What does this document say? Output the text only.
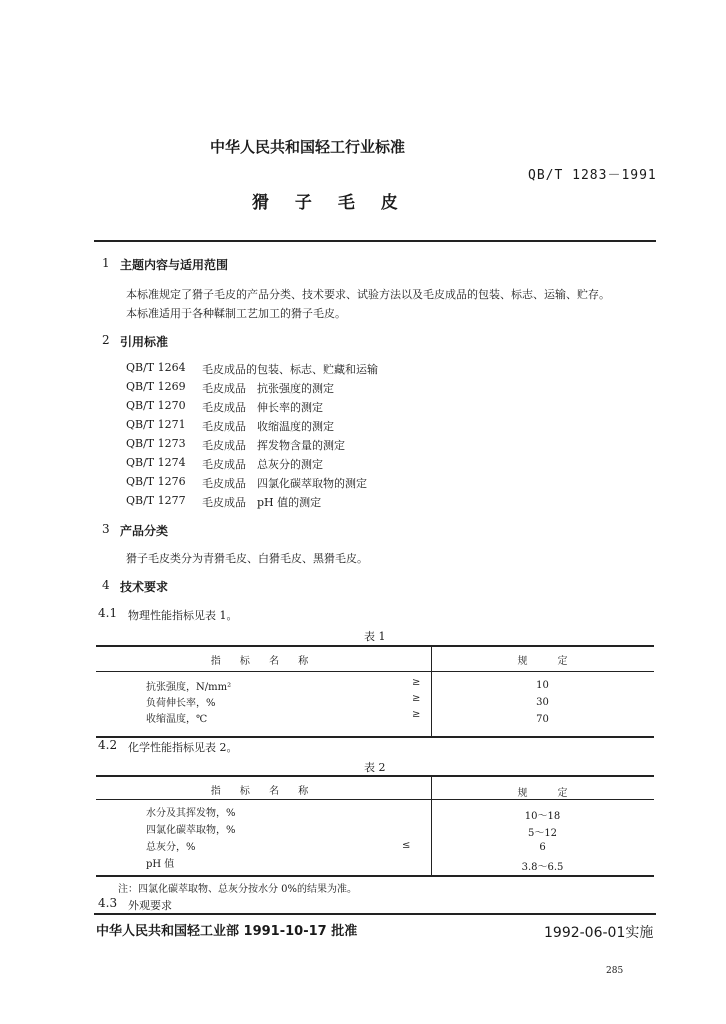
中华人民共和国轻工行业标准
QB/T 1283－1991
猾 子 毛 皮
1 主题内容与适用范围
本标准规定了猾子毛皮的产品分类、技术要求、试验方法以及毛皮成品的包装、标志、运输、贮存。
本标准适用于各种鞣制工艺加工的猾子毛皮。
2 引用标准
QB/T 1264 毛皮成品的包装、标志、贮藏和运输
QB/T 1269 毛皮成品　抗张强度的测定
QB/T 1270 毛皮成品　伸长率的测定
QB/T 1271 毛皮成品　收缩温度的测定
QB/T 1273 毛皮成品　挥发物含量的测定
QB/T 1274 毛皮成品　总灰分的测定
QB/T 1276 毛皮成品　四氯化碳萃取物的测定
QB/T 1277 毛皮成品　pH 值的测定
3 产品分类
猾子毛皮类分为青猾毛皮、白猾毛皮、黑猾毛皮。
4 技术要求
4.1 物理性能指标见表 1。
表 1
指 标 名 称	规　　　定
抗张强度，N/mm²	≥	10
负荷伸长率，%	≥	30
收缩温度，℃	≥	70
4.2 化学性能指标见表 2。
表 2
指 标 名 称	规　　　定
水分及其挥发物，%	10～18
四氯化碳萃取物，%	5～12
总灰分，%	≤	6
pH 值	3.8～6.5
注：四氯化碳萃取物、总灰分按水分 0%的结果为准。
4.3 外观要求
中华人民共和国轻工业部 1991-10-17 批准	1992-06-01实施
285
